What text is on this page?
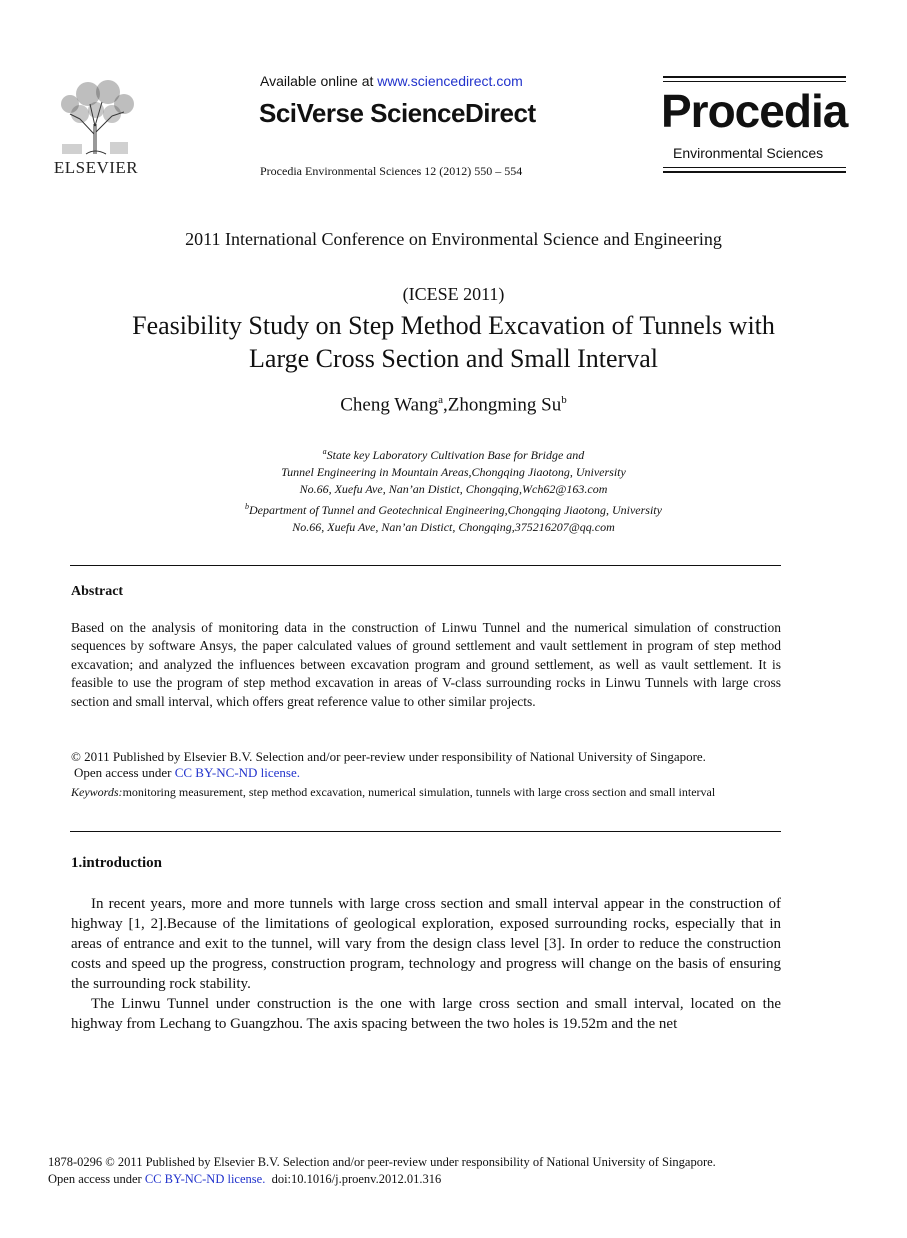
ELSEVIER
Available online at www.sciencedirect.com
SciVerse ScienceDirect
Procedia Environmental Sciences 12 (2012) 550 – 554
Procedia
Environmental Sciences
2011 International Conference on Environmental Science and Engineering
(ICESE 2011)
Feasibility Study on Step Method Excavation of Tunnels with
Large Cross Section and Small Interval
Cheng Wang$^a$,Zhongming Su$^b$
$^a$State key Laboratory Cultivation Base for Bridge and
Tunnel Engineering in Mountain Areas,Chongqing Jiaotong, University
No.66, Xuefu Ave, Nan’an Distict, Chongqing,Wch62@163.com
$^b$Department of Tunnel and Geotechnical Engineering,Chongqing Jiaotong, University
No.66, Xuefu Ave, Nan’an Distict, Chongqing,375216207@qq.com
Abstract
Based on the analysis of monitoring data in the construction of Linwu Tunnel and the numerical simulation of construction sequences by software Ansys, the paper calculated values of ground settlement and vault settlement in program of step method excavation; and analyzed the influences between excavation program and ground settlement, as well as vault settlement. It is feasible to use the program of step method excavation in areas of V-class surrounding rocks in Linwu Tunnels with large cross section and small interval, which offers great reference value to other similar projects.
© 2011 Published by Elsevier B.V. Selection and/or peer-review under responsibility of National University of Singapore.
Open access under CC BY-NC-ND license.
Keywords:monitoring measurement, step method excavation, numerical simulation, tunnels with large cross section and small interval
1.introduction

In recent years, more and more tunnels with large cross section and small interval appear in the construction of highway [1, 2].Because of the limitations of geological exploration, exposed surrounding rocks, especially that in areas of entrance and exit to the tunnel, will vary from the design class level [3]. In order to reduce the construction costs and speed up the progress, construction program, technology and progress will change on the basis of ensuring the surrounding rock stability.

The Linwu Tunnel under construction is the one with large cross section and small interval, located on the highway from Lechang to Guangzhou. The axis spacing between the two holes is 19.52m and the net

1878-0296 © 2011 Published by Elsevier B.V. Selection and/or peer-review under responsibility of National University of Singapore.
Open access under CC BY-NC-ND license. doi:10.1016/j.proenv.2012.01.316
